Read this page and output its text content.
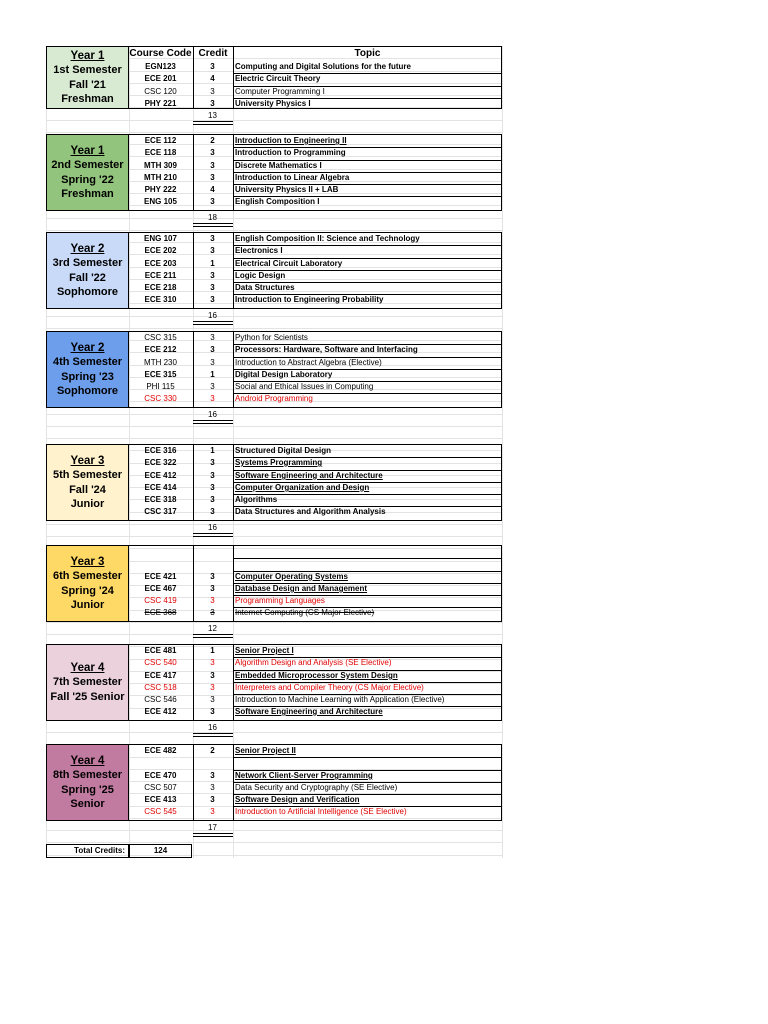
Course Code Credit	Topic
Year 1
1st Semester
Fall '21
Freshman
EGN123	3	Computing and Digital Solutions for the future
ECE 201	4	Electric Circuit Theory
CSC 120	3	Computer Programming I
PHY 221	3	University Physics I
13
Year 1
2nd Semester
Spring '22
Freshman
ECE 112	2	Introduction to Engineering II
ECE 118	3	Introduction to Programming
MTH 309	3	Discrete Mathematics I
MTH 210	3	Introduction to Linear Algebra
PHY 222	4	University Physics II + LAB
ENG 105	3	English Composition I
18
Year 2
3rd Semester
Fall '22
Sophomore
ENG 107	3	English Composition II: Science and Technology
ECE 202	3	Electronics I
ECE 203	1	Electrical Circuit Laboratory
ECE 211	3	Logic Design
ECE 218	3	Data Structures
ECE 310	3	Introduction to Engineering Probability
16
Year 2
4th Semester
Spring '23
Sophomore
CSC 315	3	Python for Scientists
ECE 212	3	Processors: Hardware, Software and Interfacing
MTH 230	3	Introduction to Abstract Algebra (Elective)
ECE 315	1	Digital Design Laboratory
PHI 115	3	Social and Ethical Issues in Computing
CSC 330	3	Android Programming
16
Year 3
5th Semester
Fall '24
Junior
ECE 316	1	Structured Digital Design
ECE 322	3	Systems Programming
ECE 412	3	Software Engineering and Architecture
ECE 414	3	Computer Organization and Design
ECE 318	3	Algorithms
CSC 317	3	Data Structures and Algorithm Analysis
16
Year 3
6th Semester
Spring '24
Junior
ECE 421	3	Computer Operating Systems
ECE 467	3	Database Design and Management
CSC 419	3	Programming Languages
ECE 368	3	Internet Computing (CS Major Elective)
12
Year 4
7th Semester
Fall '25 Senior
ECE 481	1	Senior Project I
CSC 540	3	Algorithm Design and Analysis (SE Elective)
ECE 417	3	Embedded Microprocessor System Design
CSC 518	3	Interpreters and Compiler Theory (CS Major Elective)
CSC 546	3	Introduction to Machine Learning with Application (Elective)
ECE 412	3	Software Engineering and Architecture
16
Year 4
8th Semester
Spring '25
Senior
ECE 482	2	Senior Project II
ECE 470	3	Network Client-Server Programming
CSC 507	3	Data Security and Cryptography (SE Elective)
ECE 413	3	Software Design and Verification
CSC 545	3	Introduction to Artificial Intelligence (SE Elective)
17
Total Credits:	124
